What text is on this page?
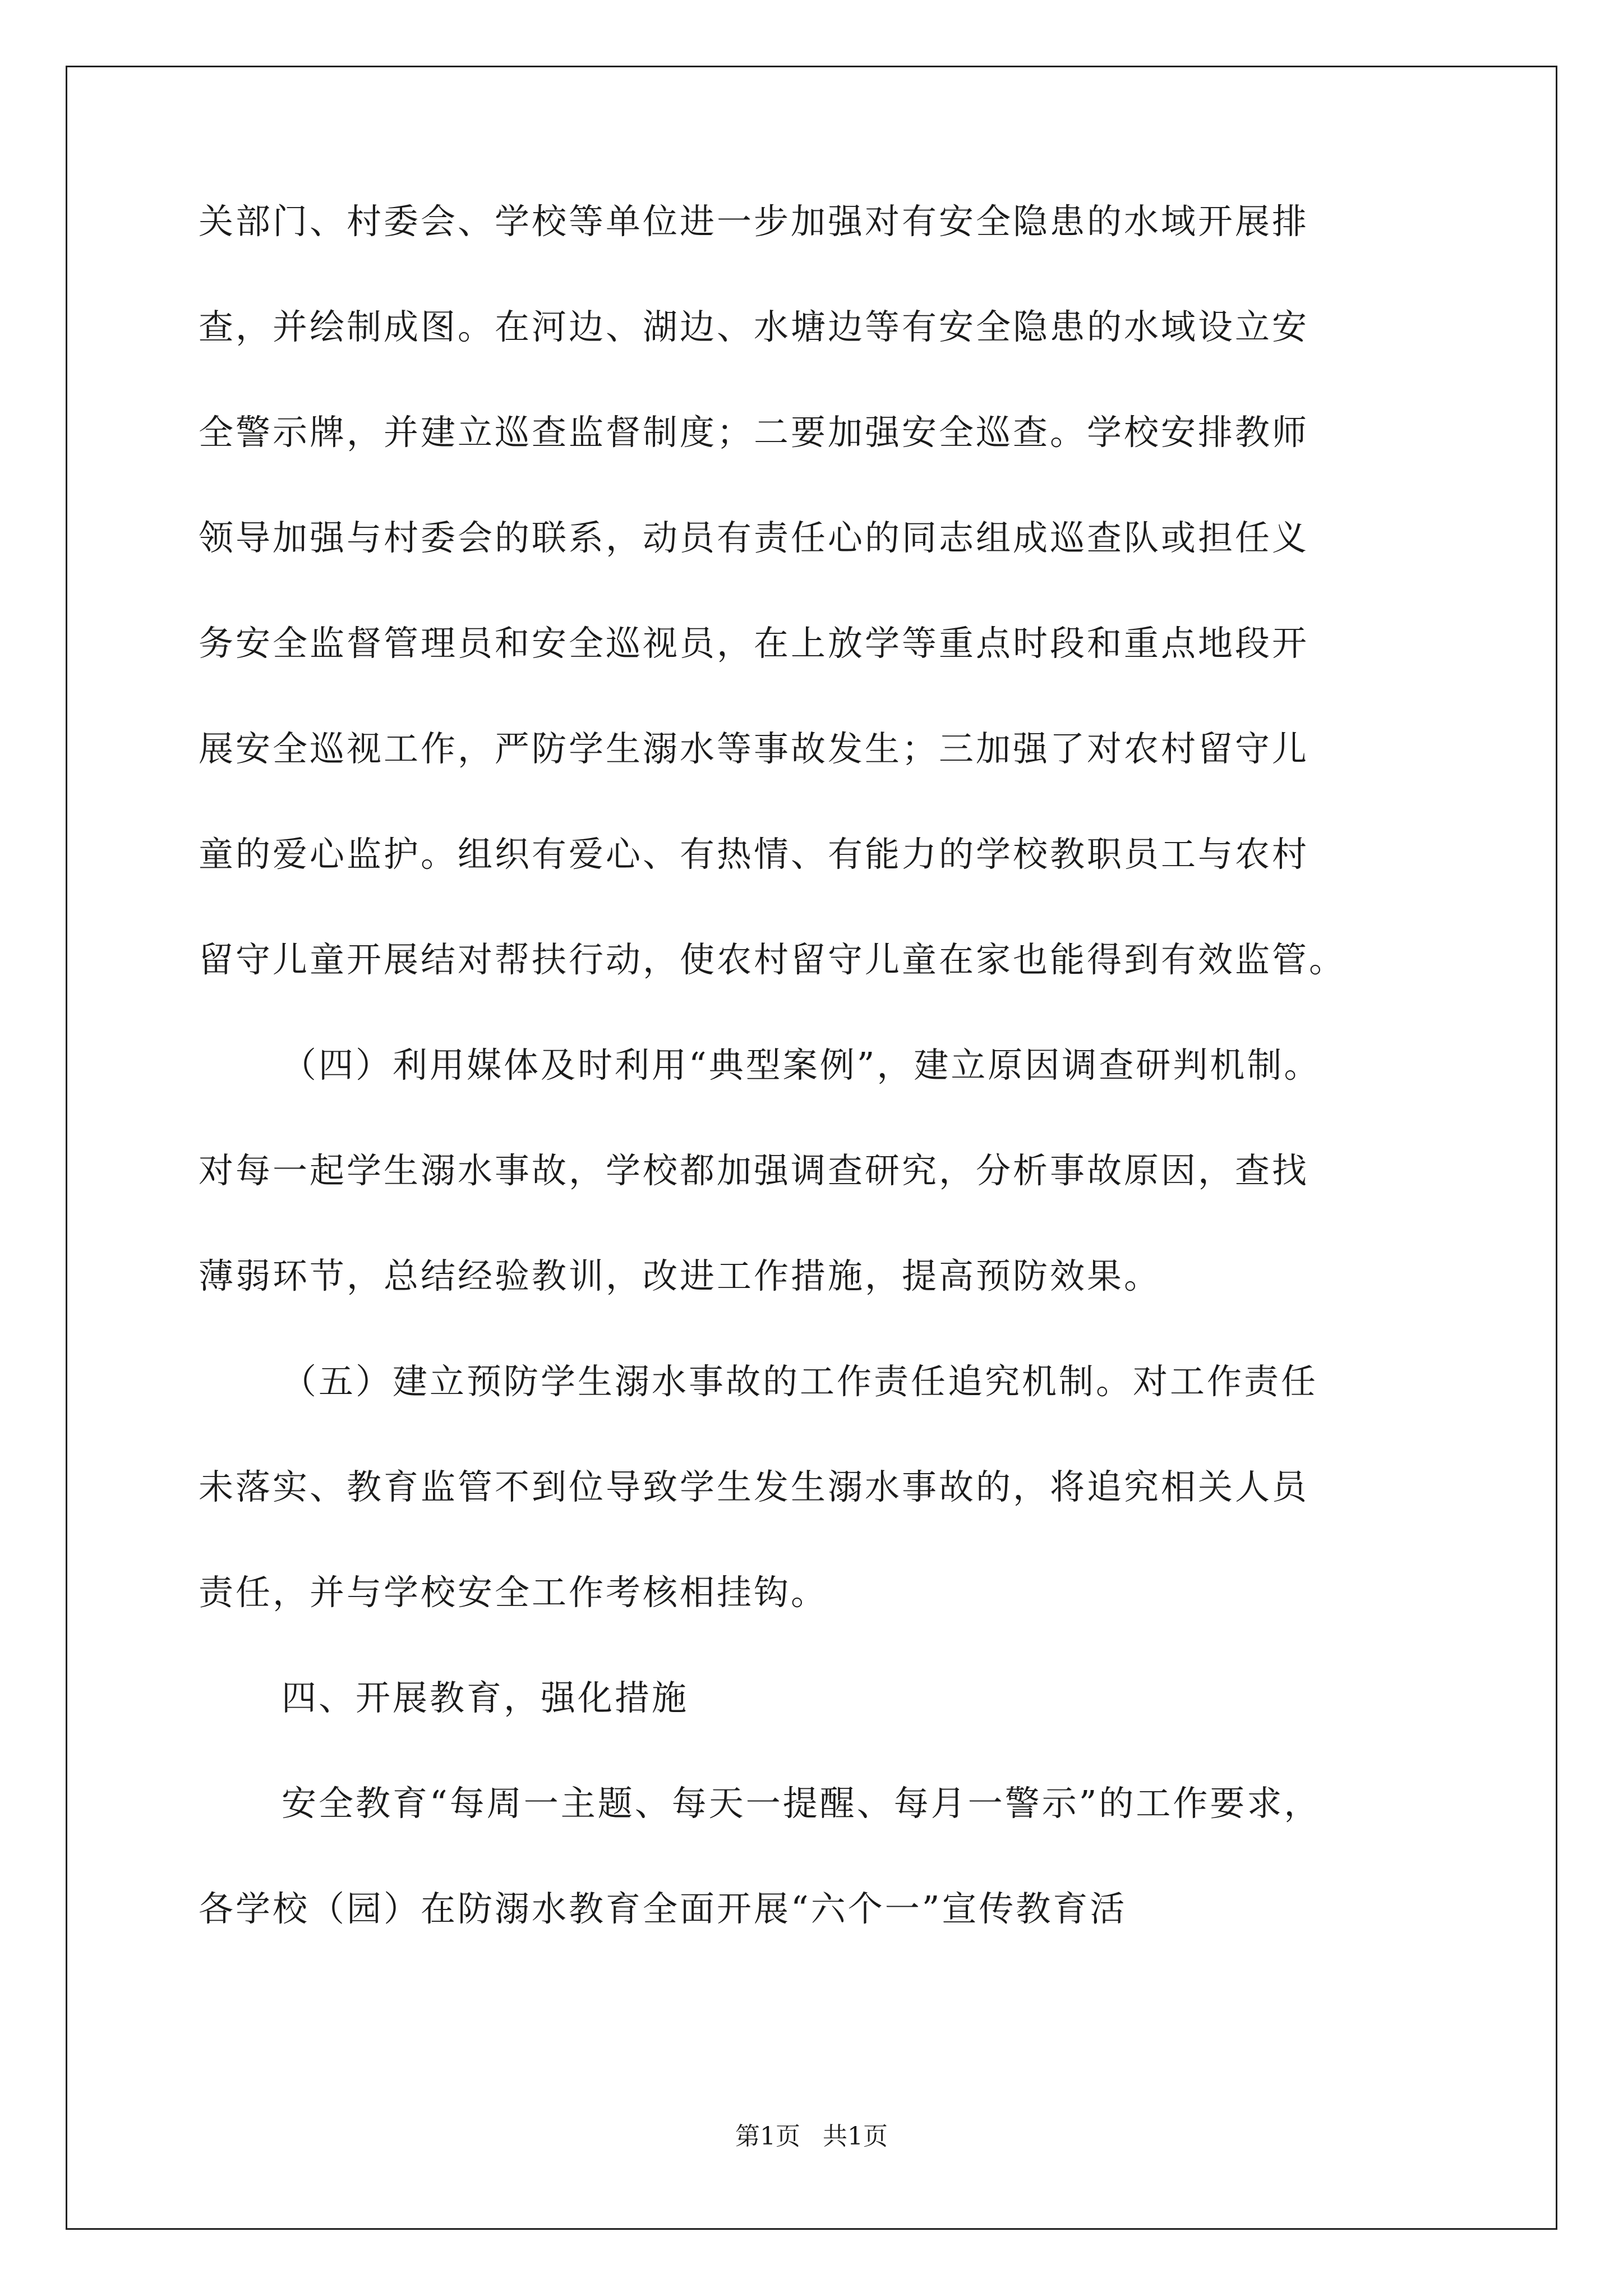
关部门、村委会、学校等单位进一步加强对有安全隐患的水域开展排
查，并绘制成图。在河边、湖边、水塘边等有安全隐患的水域设立安
全警示牌，并建立巡查监督制度；二要加强安全巡查。学校安排教师
领导加强与村委会的联系，动员有责任心的同志组成巡查队或担任义
务安全监督管理员和安全巡视员，在上放学等重点时段和重点地段开
展安全巡视工作，严防学生溺水等事故发生；三加强了对农村留守儿
童的爱心监护。组织有爱心、有热情、有能力的学校教职员工与农村
留守儿童开展结对帮扶行动，使农村留守儿童在家也能得到有效监管。
（四）利用媒体及时利用“典型案例”，建立原因调查研判机制。
对每一起学生溺水事故，学校都加强调查研究，分析事故原因，查找
薄弱环节，总结经验教训，改进工作措施，提高预防效果。
（五）建立预防学生溺水事故的工作责任追究机制。对工作责任
未落实、教育监管不到位导致学生发生溺水事故的，将追究相关人员
责任，并与学校安全工作考核相挂钩。
四、开展教育，强化措施
安全教育“每周一主题、每天一提醒、每月一警示”的工作要求，
各学校（园）在防溺水教育全面开展“六个一”宣传教育活
第1页 共1页
